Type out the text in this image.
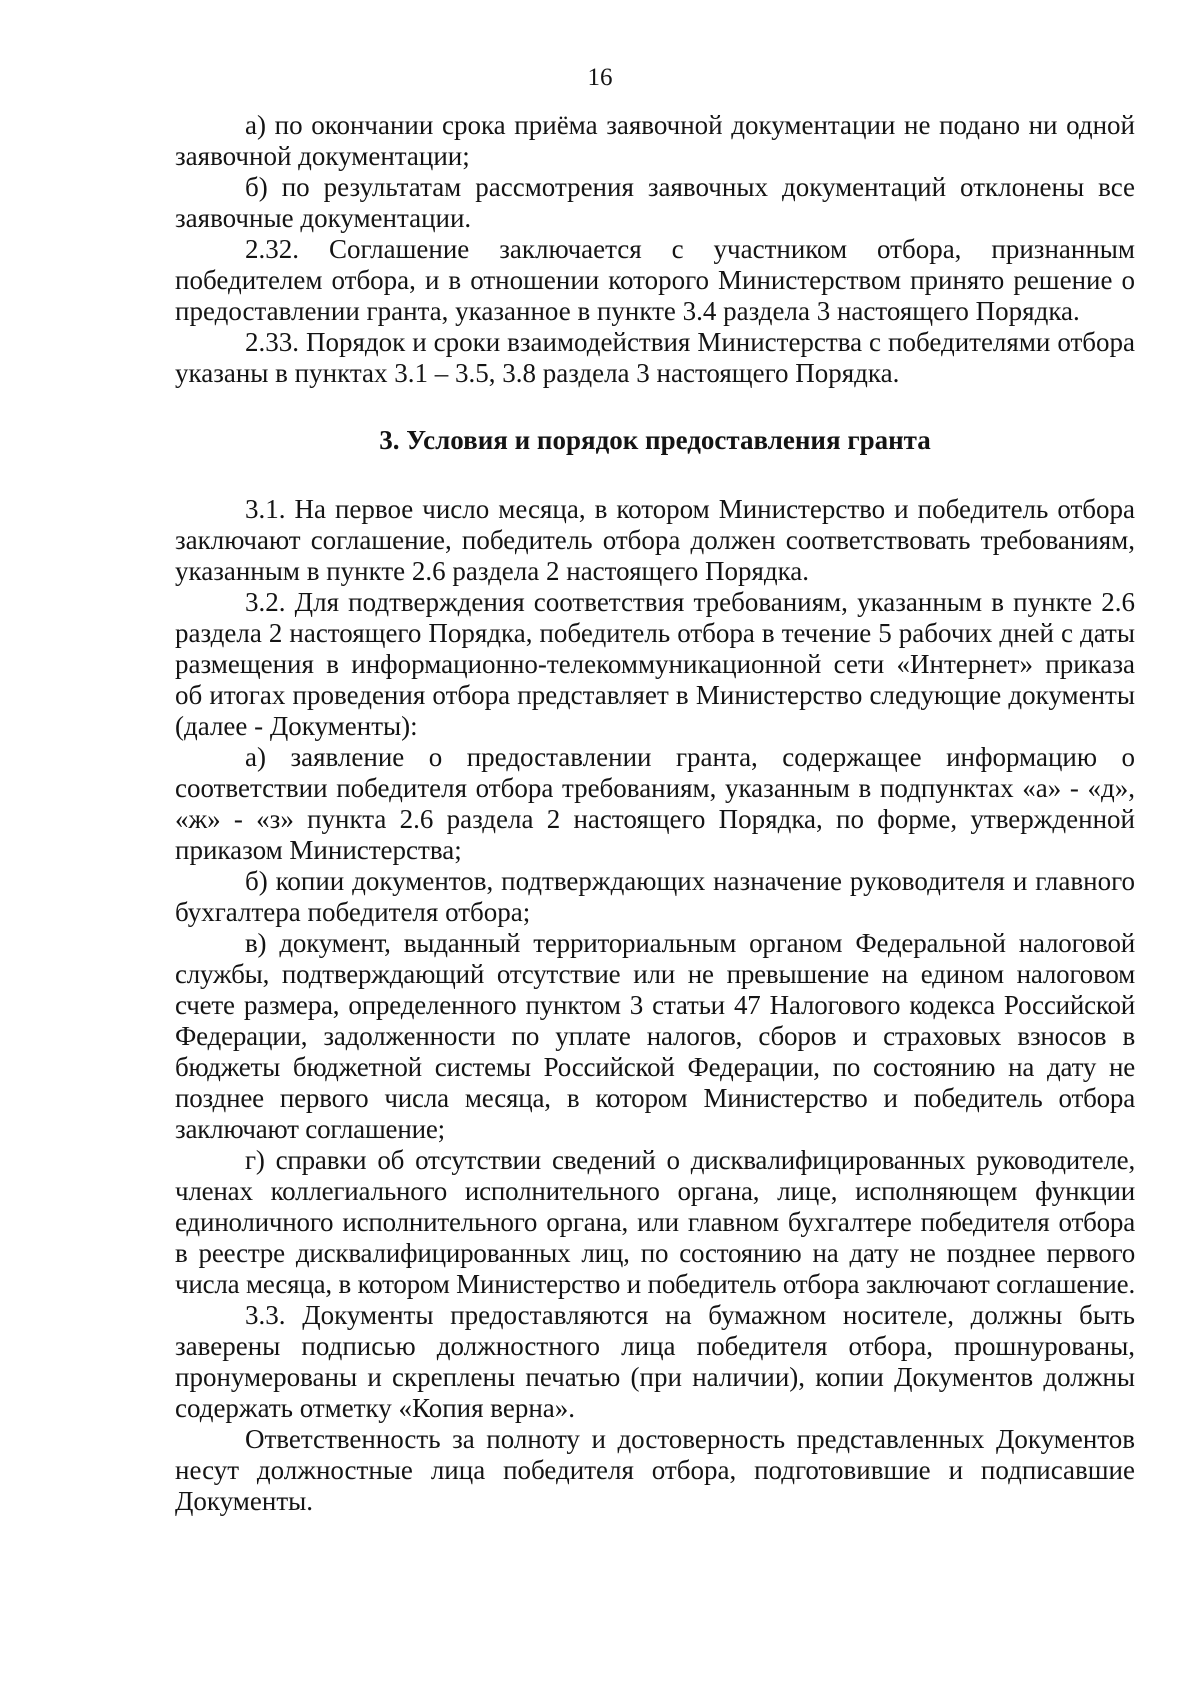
16

а) по окончании срока приёма заявочной документации не подано ни одной заявочной документации;

б) по результатам рассмотрения заявочных документаций отклонены все заявочные документации.

2.32. Соглашение заключается с участником отбора, признанным победителем отбора, и в отношении которого Министерством принято решение о предоставлении гранта, указанное в пункте 3.4 раздела 3 настоящего Порядка.

2.33. Порядок и сроки взаимодействия Министерства с победителями отбора указаны в пунктах 3.1 – 3.5, 3.8 раздела 3 настоящего Порядка.

3. Условия и порядок предоставления гранта

3.1. На первое число месяца, в котором Министерство и победитель отбора заключают соглашение, победитель отбора должен соответствовать требованиям, указанным в пункте 2.6 раздела 2 настоящего Порядка.

3.2. Для подтверждения соответствия требованиям, указанным в пункте 2.6 раздела 2 настоящего Порядка, победитель отбора в течение 5 рабочих дней с даты размещения в информационно-телекоммуникационной сети «Интернет» приказа об итогах проведения отбора представляет в Министерство следующие документы (далее - Документы):

а) заявление о предоставлении гранта, содержащее информацию о соответствии победителя отбора требованиям, указанным в подпунктах «а» - «д», «ж» - «з» пункта 2.6 раздела 2 настоящего Порядка, по форме, утвержденной приказом Министерства;

б) копии документов, подтверждающих назначение руководителя и главного бухгалтера победителя отбора;

в) документ, выданный территориальным органом Федеральной налоговой службы, подтверждающий отсутствие или не превышение на едином налоговом счете размера, определенного пунктом 3 статьи 47 Налогового кодекса Российской Федерации, задолженности по уплате налогов, сборов и страховых взносов в бюджеты бюджетной системы Российской Федерации, по состоянию на дату не позднее первого числа месяца, в котором Министерство и победитель отбора заключают соглашение;

г) справки об отсутствии сведений о дисквалифицированных руководителе, членах коллегиального исполнительного органа, лице, исполняющем функции единоличного исполнительного органа, или главном бухгалтере победителя отбора в реестре дисквалифицированных лиц, по состоянию на дату не позднее первого числа месяца, в котором Министерство и победитель отбора заключают соглашение.

3.3. Документы предоставляются на бумажном носителе, должны быть заверены подписью должностного лица победителя отбора, прошнурованы, пронумерованы и скреплены печатью (при наличии), копии Документов должны содержать отметку «Копия верна».

Ответственность за полноту и достоверность представленных Документов несут должностные лица победителя отбора, подготовившие и подписавшие Документы.
